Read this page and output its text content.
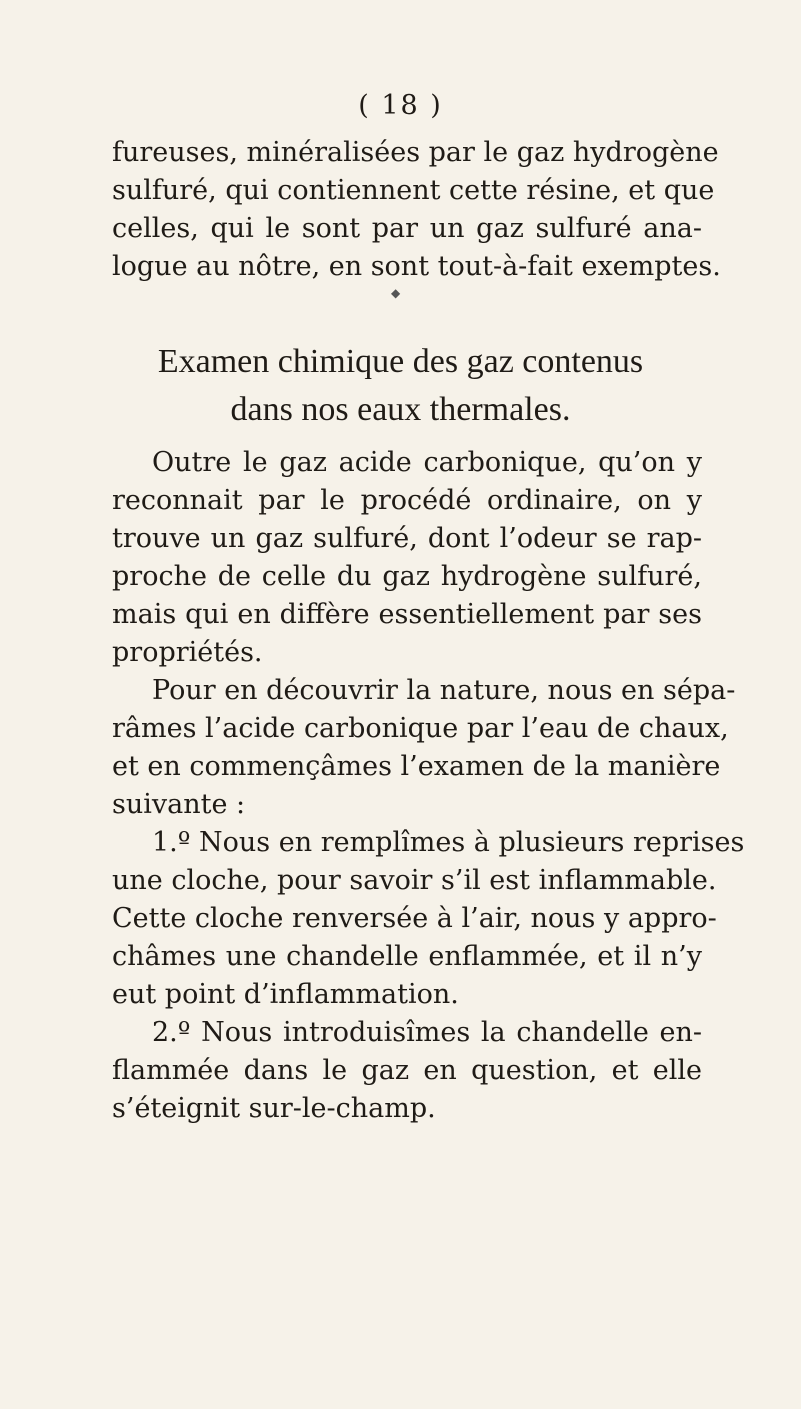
( 18 )
fureuses, minéralisées par le gaz hydrogène
sulfuré, qui contiennent cette résine, et que
celles, qui le sont par un gaz sulfuré ana-
logue au nôtre, en sont tout-à-fait exemptes.
◆
Examen chimique des gaz contenus
dans nos eaux thermales.
Outre le gaz acide carbonique, qu’on y
reconnait par le procédé ordinaire, on y
trouve un gaz sulfuré, dont l’odeur se rap-
proche de celle du gaz hydrogène sulfuré,
mais qui en diffère essentiellement par ses
propriétés.
Pour en découvrir la nature, nous en sépa-
râmes l’acide carbonique par l’eau de chaux,
et en commençâmes l’examen de la manière
suivante :
1.º Nous en remplîmes à plusieurs reprises
une cloche, pour savoir s’il est inflammable.
Cette cloche renversée à l’air, nous y appro-
châmes une chandelle enflammée, et il n’y
eut point d’inflammation.
2.º Nous introduisîmes la chandelle en-
flammée dans le gaz en question, et elle
s’éteignit sur-le-champ.
